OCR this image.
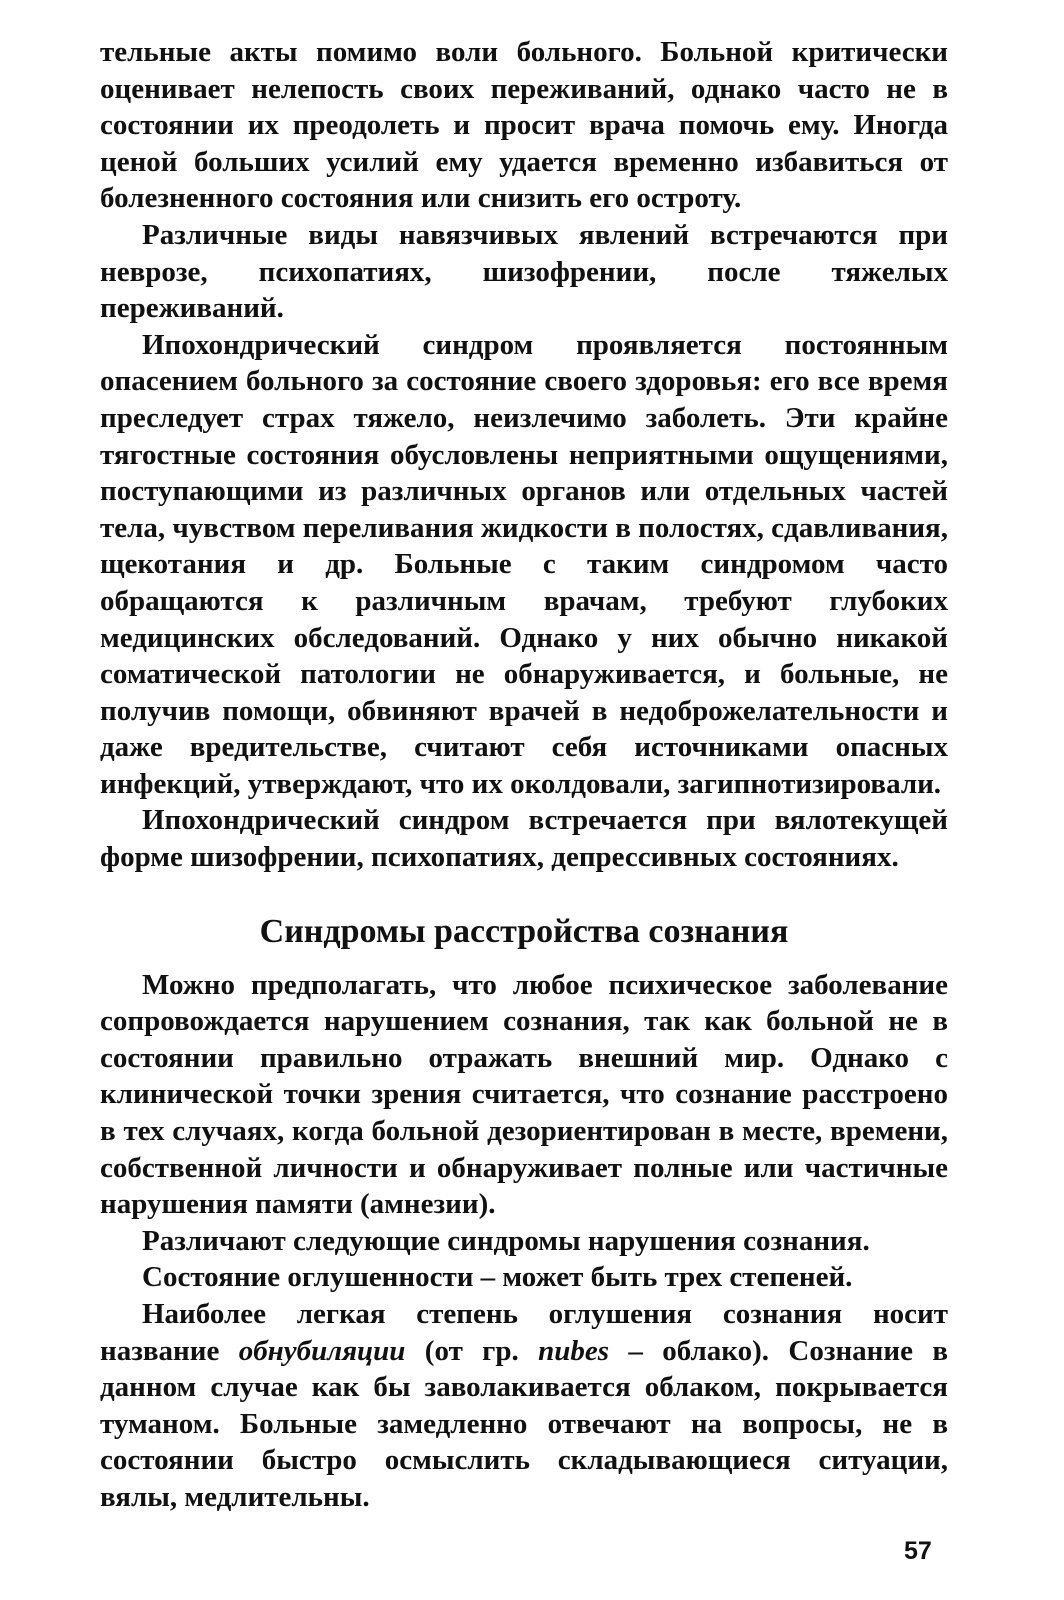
тельные акты помимо воли больного. Больной критически оценивает нелепость своих переживаний, однако часто не в состоянии их преодолеть и просит врача помочь ему. Иногда ценой больших усилий ему удается временно избавиться от болезненного состояния или снизить его остроту.

Различные виды навязчивых явлений встречаются при неврозе, психопатиях, шизофрении, после тяжелых переживаний.

Ипохондрический синдром проявляется постоянным опасением больного за состояние своего здоровья: его все время преследует страх тяжело, неизлечимо заболеть. Эти крайне тягостные состояния обусловлены неприятными ощущениями, поступающими из различных органов или отдельных частей тела, чувством переливания жидкости в полостях, сдавливания, щекотания и др. Больные с таким синдромом часто обращаются к различным врачам, требуют глубоких медицинских обследований. Однако у них обычно никакой соматической патологии не обнаруживается, и больные, не получив помощи, обвиняют врачей в недоброжелательности и даже вредительстве, считают себя источниками опасных инфекций, утверждают, что их околдовали, загипнотизировали.

Ипохондрический синдром встречается при вялотекущей форме шизофрении, психопатиях, депрессивных состояниях.

Синдромы расстройства сознания

Можно предполагать, что любое психическое заболевание сопровождается нарушением сознания, так как больной не в состоянии правильно отражать внешний мир. Однако с клинической точки зрения считается, что сознание расстроено в тех случаях, когда больной дезориентирован в месте, времени, собственной личности и обнаруживает полные или частичные нарушения памяти (амнезии).

Различают следующие синдромы нарушения сознания.

Состояние оглушенности – может быть трех степеней.

Наиболее легкая степень оглушения сознания носит название обнубиляции (от гр. nubes – облако). Сознание в данном случае как бы заволакивается облаком, покрывается туманом. Больные замедленно отвечают на вопросы, не в состоянии быстро осмыслить складывающиеся ситуации, вялы, медлительны.

57
